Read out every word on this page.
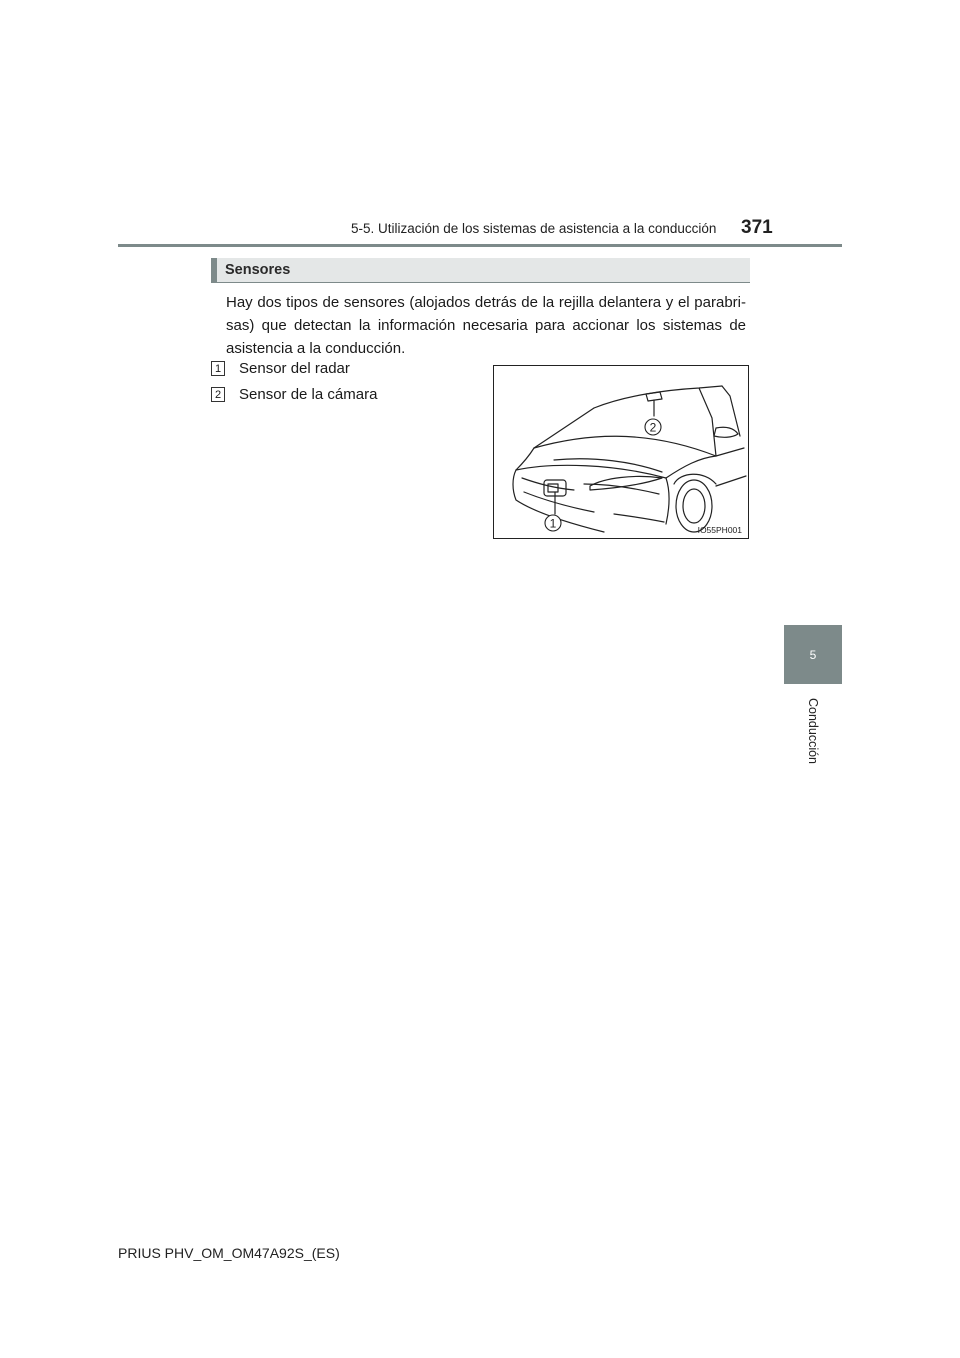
5-5. Utilización de los sistemas de asistencia a la conducción 371
5
Conducción
Sensores
Hay dos tipos de sensores (alojados detrás de la rejilla delantera y el parabri-sas) que detectan la información necesaria para accionar los sistemas de asistencia a la conducción.
1 Sensor del radar
2 Sensor de la cámara
2
1	IO55PH001
PRIUS PHV_OM_OM47A92S_(ES)
